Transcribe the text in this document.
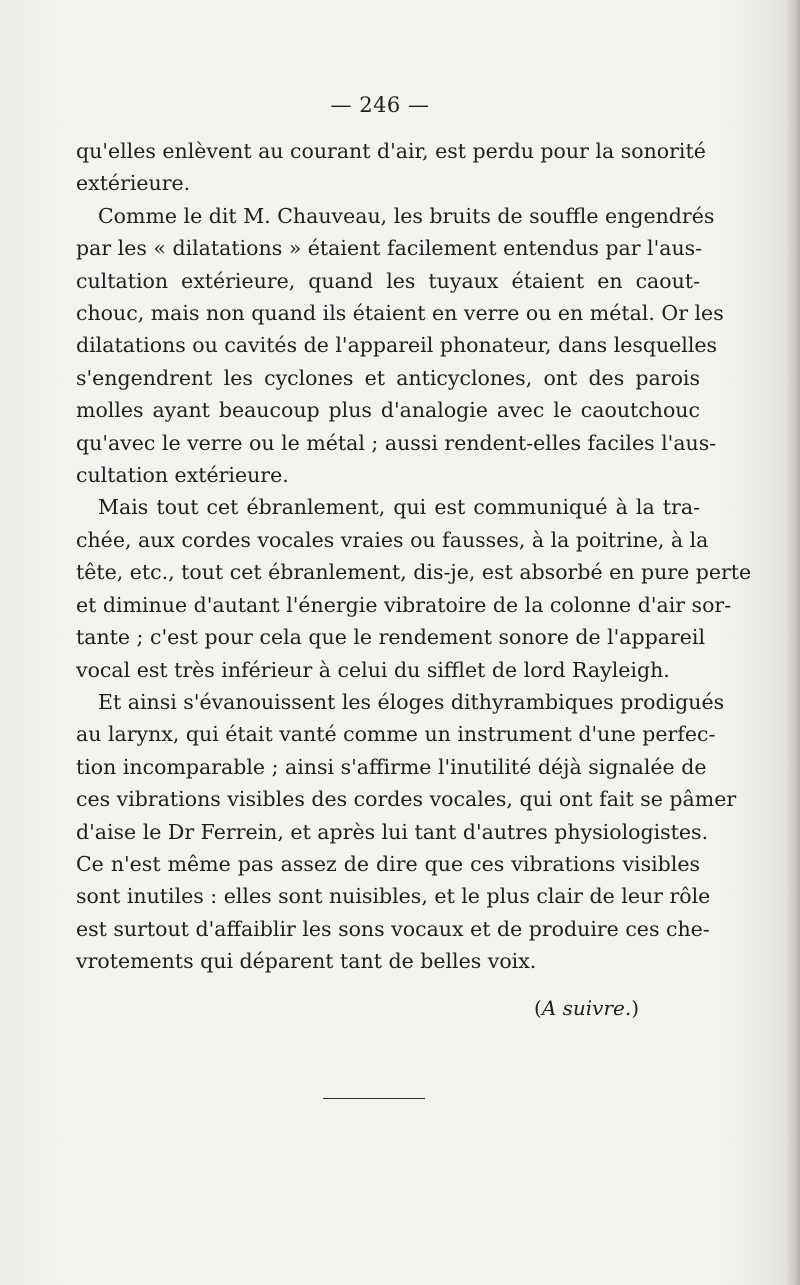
— 246 —

qu'elles enlèvent au courant d'air, est perdu pour la sonorité
extérieure.

Comme le dit M. Chauveau, les bruits de souffle engendrés
par les « dilatations » étaient facilement entendus par l'aus-
cultation extérieure, quand les tuyaux étaient en caout-
chouc, mais non quand ils étaient en verre ou en métal. Or les
dilatations ou cavités de l'appareil phonateur, dans lesquelles
s'engendrent les cyclones et anticyclones, ont des parois
molles ayant beaucoup plus d'analogie avec le caoutchouc
qu'avec le verre ou le métal ; aussi rendent-elles faciles l'aus-
cultation extérieure.

Mais tout cet ébranlement, qui est communiqué à la tra-
chée, aux cordes vocales vraies ou fausses, à la poitrine, à la
tête, etc., tout cet ébranlement, dis-je, est absorbé en pure perte
et diminue d'autant l'énergie vibratoire de la colonne d'air sor-
tante ; c'est pour cela que le rendement sonore de l'appareil
vocal est très inférieur à celui du sifflet de lord Rayleigh.

Et ainsi s'évanouissent les éloges dithyrambiques prodigués
au larynx, qui était vanté comme un instrument d'une perfec-
tion incomparable ; ainsi s'affirme l'inutilité déjà signalée de
ces vibrations visibles des cordes vocales, qui ont fait se pâmer
d'aise le Dr Ferrein, et après lui tant d'autres physiologistes.
Ce n'est même pas assez de dire que ces vibrations visibles
sont inutiles : elles sont nuisibles, et le plus clair de leur rôle
est surtout d'affaiblir les sons vocaux et de produire ces che-
vrotements qui déparent tant de belles voix.

(A suivre.)
